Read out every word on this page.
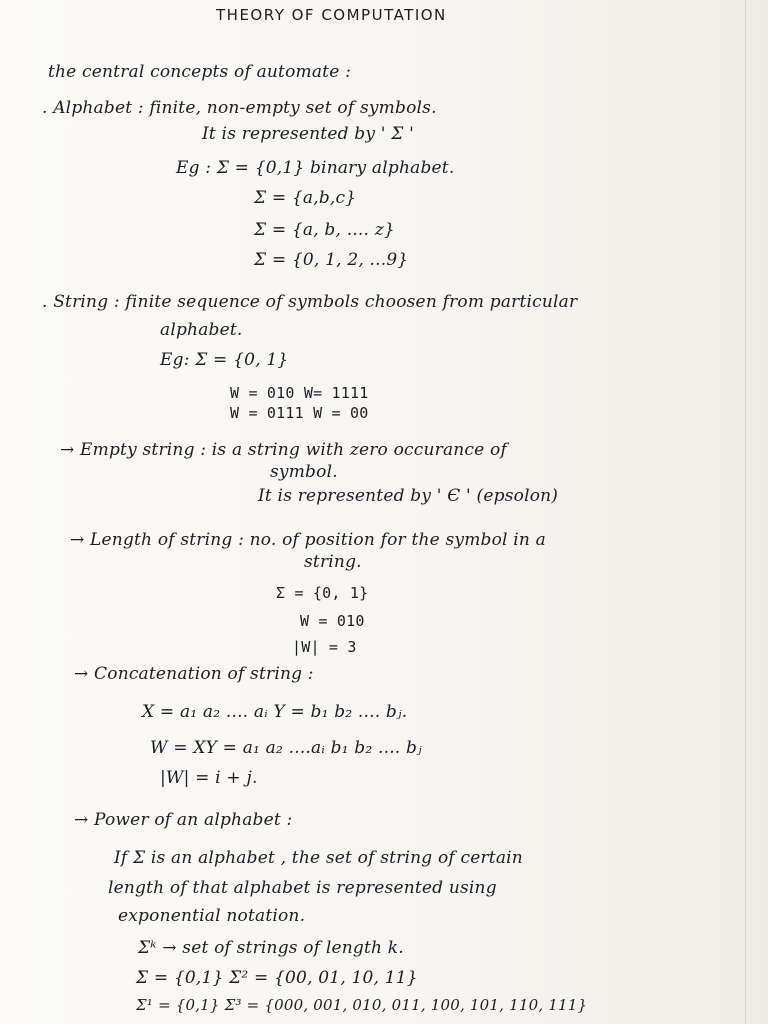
THEORY OF COMPUTATION
the central concepts of automate :
. Alphabet : finite, non-empty set of symbols.
It is represented by ' Σ '
Eg : Σ = {0,1} binary alphabet.
Σ = {a,b,c}
Σ = {a, b, .... z}
Σ = {0, 1, 2, ...9}
. String : finite sequence of symbols choosen from particular
alphabet.
Eg: Σ = {0, 1}
W = 010 W= 1111
W = 0111 W = 00
→ Empty string : is a string with zero occurance of
symbol.
It is represented by ' Є ' (epsolon)
→ Length of string : no. of position for the symbol in a
string.
Σ = {0, 1}
W = 010
|W| = 3
→ Concatenation of string :
X = a₁ a₂ .... aᵢ Y = b₁ b₂ .... bⱼ.
W = XY = a₁ a₂ ....aᵢ b₁ b₂ .... bⱼ
|W| = i + j.
→ Power of an alphabet :
If Σ is an alphabet , the set of string of certain
length of that alphabet is represented using
exponential notation.
Σᵏ → set of strings of length k.
Σ = {0,1} Σ² = {00, 01, 10, 11}
Σ¹ = {0,1} Σ³ = {000, 001, 010, 011, 100, 101, 110, 111}
